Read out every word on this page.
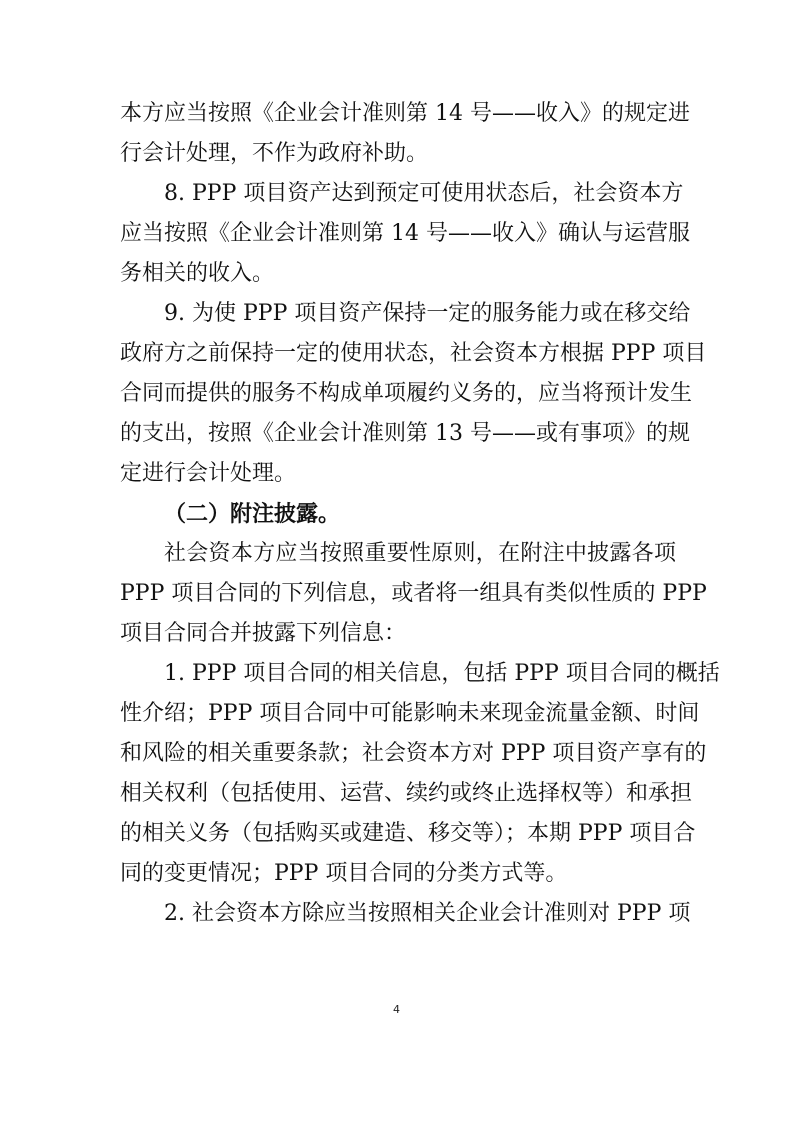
本方应当按照《企业会计准则第 14 号——收入》的规定进
行会计处理，不作为政府补助。
8. PPP 项目资产达到预定可使用状态后，社会资本方
应当按照《企业会计准则第 14 号——收入》确认与运营服
务相关的收入。
9. 为使 PPP 项目资产保持一定的服务能力或在移交给
政府方之前保持一定的使用状态，社会资本方根据 PPP 项目
合同而提供的服务不构成单项履约义务的，应当将预计发生
的支出，按照《企业会计准则第 13 号——或有事项》的规
定进行会计处理。
（二）附注披露。
社会资本方应当按照重要性原则，在附注中披露各项
PPP 项目合同的下列信息，或者将一组具有类似性质的 PPP
项目合同合并披露下列信息：
1. PPP 项目合同的相关信息，包括 PPP 项目合同的概括
性介绍；PPP 项目合同中可能影响未来现金流量金额、时间
和风险的相关重要条款；社会资本方对 PPP 项目资产享有的
相关权利（包括使用、运营、续约或终止选择权等）和承担
的相关义务（包括购买或建造、移交等）；本期 PPP 项目合
同的变更情况；PPP 项目合同的分类方式等。
2. 社会资本方除应当按照相关企业会计准则对 PPP 项
4
